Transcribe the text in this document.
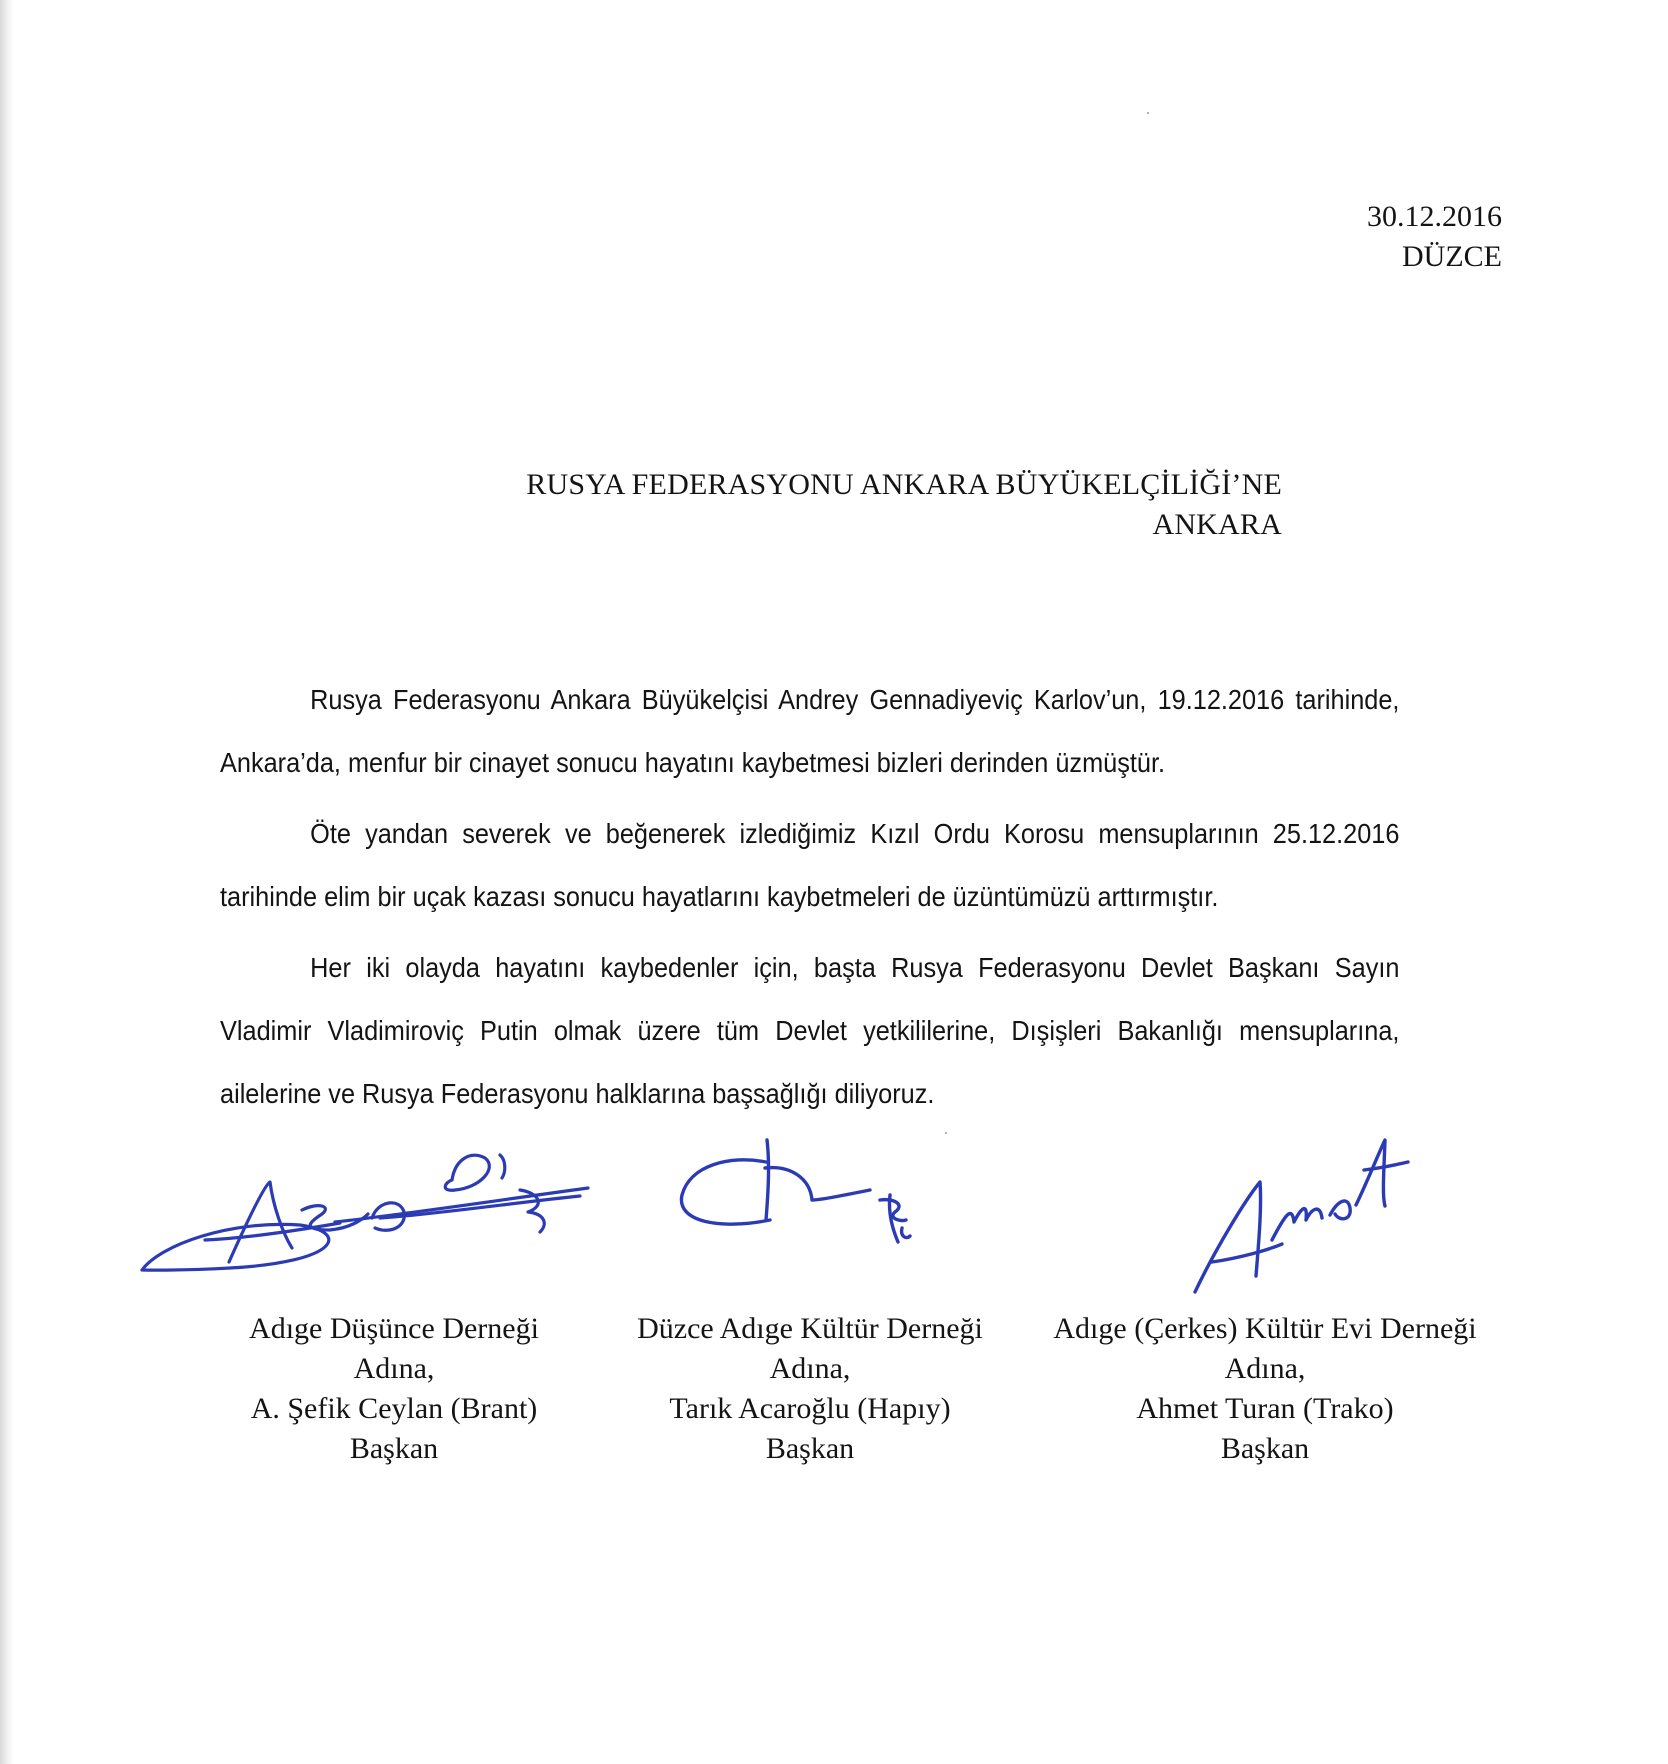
30.12.2016
DÜZCE
RUSYA FEDERASYONU ANKARA BÜYÜKELÇİLİĞİ’NE
ANKARA

Rusya Federasyonu Ankara Büyükelçisi Andrey Gennadiyeviç Karlov’un, 19.12.2016 tarihinde, Ankara’da, menfur bir cinayet sonucu hayatını kaybetmesi bizleri derinden üzmüştür.

Öte yandan severek ve beğenerek izlediğimiz Kızıl Ordu Korosu mensuplarının 25.12.2016 tarihinde elim bir uçak kazası sonucu hayatlarını kaybetmeleri de üzüntümüzü arttırmıştır.

Her iki olayda hayatını kaybedenler için, başta Rusya Federasyonu Devlet Başkanı Sayın Vladimir Vladimiroviç Putin olmak üzere tüm Devlet yetkililerine, Dışişleri Bakanlığı mensuplarına, ailelerine ve Rusya Federasyonu halklarına başsağlığı diliyoruz.

Adıge Düşünce Derneği
Adına,
A. Şefik Ceylan (Brant)
Başkan
Düzce Adıge Kültür Derneği
Adına,
Tarık Acaroğlu (Hapıy)
Başkan
Adıge (Çerkes) Kültür Evi Derneği
Adına,
Ahmet Turan (Trako)
Başkan
